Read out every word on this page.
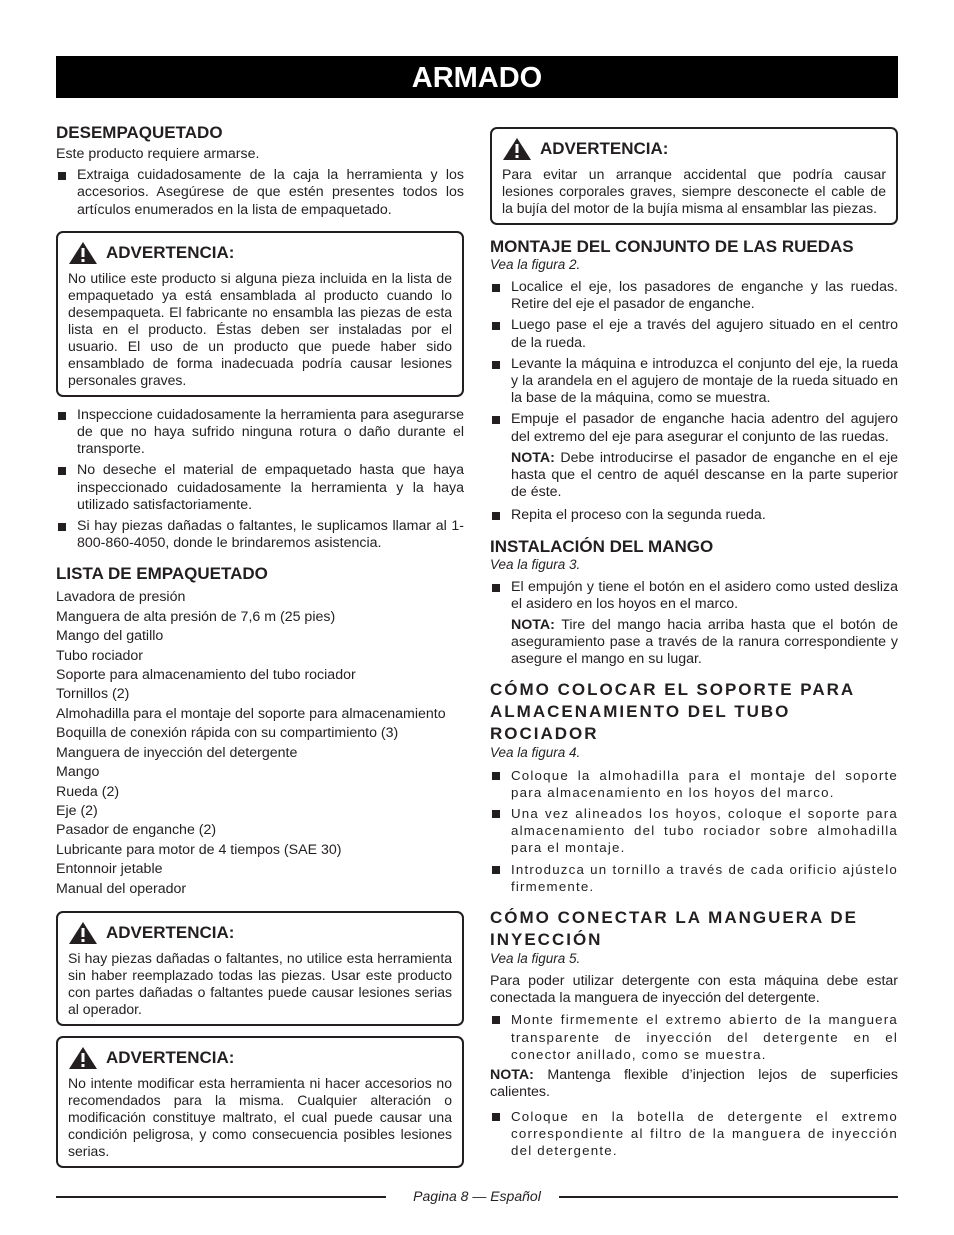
ARMADO
DESEMPAQUETADO

Este producto requiere armarse.

Extraiga cuidadosamente de la caja la herramienta y los accesorios. Asegúrese de que estén presentes todos los artículos enumerados en la lista de empaquetado.
ADVERTENCIA:

No utilice este producto si alguna pieza incluida en la lista de empaquetado ya está ensamblada al producto cuando lo desempaqueta. El fabricante no ensambla las piezas de esta lista en el producto. Éstas deben ser instaladas por el usuario. El uso de un producto que puede haber sido ensamblado de forma inadecuada podría causar lesiones personales graves.

Inspeccione cuidadosamente la herramienta para asegurarse de que no haya sufrido ninguna rotura o daño durante el transporte.
No deseche el material de empaquetado hasta que haya inspeccionado cuidadosamente la herramienta y la haya utilizado satisfactoriamente.
Si hay piezas dañadas o faltantes, le suplicamos llamar al 1-800-860-4050, donde le brindaremos asistencia.
LISTA DE EMPAQUETADO
Lavadora de presión
Manguera de alta presión de 7,6 m (25 pies)
Mango del gatillo
Tubo rociador
Soporte para almacenamiento del tubo rociador
Tornillos (2)
Almohadilla para el montaje del soporte para almacenamiento
Boquilla de conexión rápida con su compartimiento (3)
Manguera de inyección del detergente
Mango
Rueda (2)
Eje (2)
Pasador de enganche (2)
Lubricante para motor de 4 tiempos (SAE 30)
Entonnoir jetable
Manual del operador
ADVERTENCIA:

Si hay piezas dañadas o faltantes, no utilice esta herramienta sin haber reemplazado todas las piezas. Usar este producto con partes dañadas o faltantes puede causar lesiones serias al operador.

ADVERTENCIA:

No intente modificar esta herramienta ni hacer accesorios no recomendados para la misma. Cualquier alteración o modificación constituye maltrato, el cual puede causar una condición peligrosa, y como consecuencia posibles lesiones serias.

ADVERTENCIA:

Para evitar un arranque accidental que podría causar lesiones corporales graves, siempre desconecte el cable de la bujía del motor de la bujía misma al ensamblar las piezas.

MONTAJE DEL CONJUNTO DE LAS RUEDAS

Vea la figura 2.

Localice el eje, los pasadores de enganche y las ruedas. Retire del eje el pasador de enganche.
Luego pase el eje a través del agujero situado en el centro de la rueda.
Levante la máquina e introduzca el conjunto del eje, la rueda y la arandela en el agujero de montaje de la rueda situado en la base de la máquina, como se muestra.
Empuje el pasador de enganche hacia adentro del agujero del extremo del eje para asegurar el conjunto de las ruedas.
NOTA: Debe introducirse el pasador de enganche en el eje hasta que el centro de aquél descanse en la parte superior de éste.
Repita el proceso con la segunda rueda.
INSTALACIÓN DEL MANGO

Vea la figura 3.

El empujón y tiene el botón en el asidero como usted desliza el asidero en los hoyos en el marco.
NOTA: Tire del mango hacia arriba hasta que el botón de aseguramiento pase a través de la ranura correspondiente y asegure el mango en su lugar.
CÓMO COLOCAR EL SOPORTE PARA ALMACENAMIENTO DEL TUBO ROCIADOR

Vea la figura 4.

Coloque la almohadilla para el montaje del soporte para almacenamiento en los hoyos del marco.
Una vez alineados los hoyos, coloque el soporte para almacenamiento del tubo rociador sobre almohadilla para el montaje.
Introduzca un tornillo a través de cada orificio ajústelo firmemente.
CÓMO CONECTAR LA MANGUERA DE INYECCIÓN

Vea la figura 5.

Para poder utilizar detergente con esta máquina debe estar conectada la manguera de inyección del detergente.

Monte firmemente el extremo abierto de la manguera transparente de inyección del detergente en el conector anillado, como se muestra.
NOTA: Mantenga flexible d’injection lejos de superficies calientes.
Coloque en la botella de detergente el extremo correspondiente al filtro de la manguera de inyección del detergente.
Pagina 8 — Español
